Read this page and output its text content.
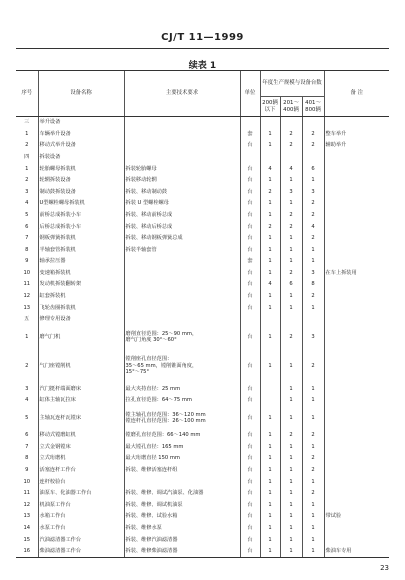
CJ/T 11—1999
续表 1
序号	设备名称	主要技术要求	单位	年度生产规模与设备台数			备 注
				200辆以下	201～400辆	401～800辆	
三	举升设备						
1	车辆举升设备		套	1	2	2	整车举升
2	移动式举升设备		台	1	2	2	辅助举升
四	拆装设备						
1	轮胎螺母拆装机	拆装轮胎螺母	台	4	4	6	
2	轮辋拆装设备	拆装移动轮辋	台	1	1	1	
3	制动鼓拆装设备	拆装、移动制动鼓	台	2	3	3	
4	U型螺栓螺母拆装机	拆装 U 型螺栓螺母	台	1	1	2	
5	前桥总成拆装小车	拆装、移动前桥总成	台	1	2	2	
6	后桥总成拆装小车	拆装、移动后桥总成	台	2	2	4	
7	钢板弹簧拆装机	拆装、移动钢板弹簧总成	台	1	1	2	
8	半轴套管拆装机	拆装半轴套管	台	1	1	1	
9	轴承拉压器		套	1	1	1	
10	变速箱拆装机		台	1	2	3	在车上拆装用
11	发动机拆装翻转架		台	4	6	8	
12	缸套拆装机		台	1	1	2	
13	飞轮齿圈拆装机		台	1	1	1	
五	修理专用设备						
1	磨气门机	磨削直径范围：25～90 mm，
磨气门角度 30°～60°	台	1	2	3	
2	气门座镗削机	镗削座孔直径范围：
35～65 mm，镗削锥面角度，
15°～75°	台	1	1	2	
3	汽门挺杆端面磨床	最大夹持直径：25 mm	台		1	1	
4	缸体主轴瓦拉床	拉孔直径范围：64～75 mm	台		1	1	
5	主轴瓦连杆瓦镗床	镗主轴孔直径范围：36～120 mm
镗连杆孔直径范围：26～100 mm	台	1	1	1	
6	移动式镗磨缸机	镗磨孔直径范围：66～140 mm	台	1	2	2	
7	立式金钢镗床	最大镗孔直径：165 mm	台	1	1	1	
8	立式珩磨机	最大珩磨直径 150 mm	台	1	1	2	
9	活塞连杆工作台	拆装、维修活塞连杆组	台	1	1	2	
10	连杆校验台		台	1	1	1	
11	油泵车、化油器工作台	拆装、维修、调试汽油泵、化油器	台	1	1	2	
12	机油泵工作台	拆装、维修、调试机油泵	台	1	1	1	
13	水箱工作台	拆装、维修、试验水箱	台	1	1	1	带试验
14	水泵工作台	拆装、维修水泵	台	1	1	1	
15	汽油滤清器工作台	拆装、维修汽油滤清器	台	1	1	1	
16	柴油滤清器工作台	拆装、维修柴油滤清器	台	1	1	1	柴油车专用
23
